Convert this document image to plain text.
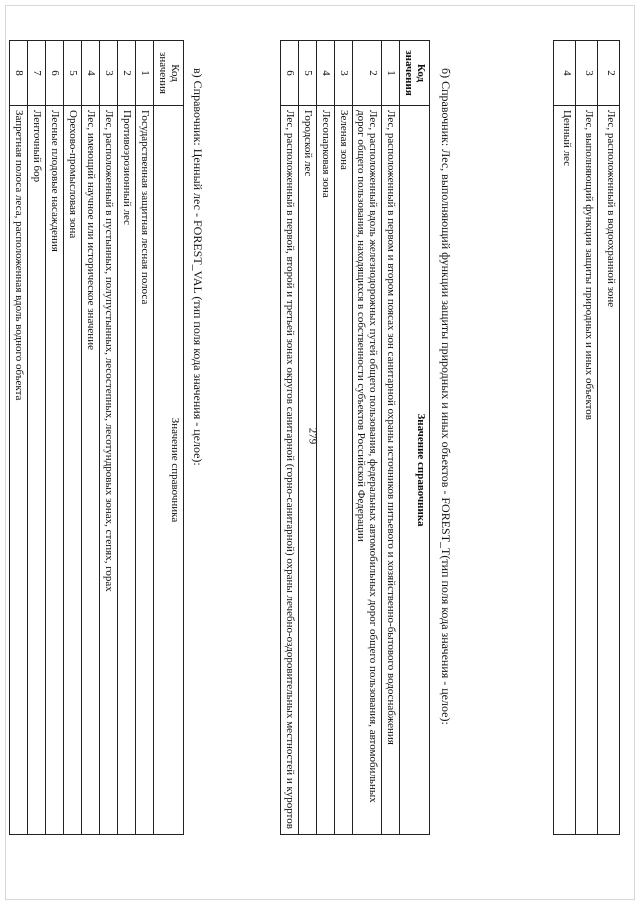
279
2	Лес, расположенный в водоохранной зоне
3	Лес, выполняющий функции защиты природных и иных объектов
4	Ценный лес
б) Справочник: Лес, выполняющий функции защиты природных и иных объектов - FOREST_T(тип поля кода значения - целое):
Код значения	Значение справочника
1	Лес, расположенный в первом и втором поясах зон санитарной охраны источников питьевого и хозяйственно-бытового водоснабжения
2	Лес, расположенный вдоль железнодорожных путей общего пользования, федеральных автомобильных дорог общего пользования, автомобильных дорог общего пользования, находящихся в собственности субъектов Российской Федерации
3	Зеленая зона
4	Лесопарковая зона
5	Городской лес
6	Лес, расположенный в первой, второй и третьей зонах округов санитарной (горно-санитарной) охраны лечебно-оздоровительных местностей и курортов
в) Справочник: Ценный лес - FOREST_VAL (тип поля кода значения - целое):
Код значения	Значение справочника
1	Государственная защитная лесная полоса
2	Противоэрозионный лес
3	Лес, расположенный в пустынных, полупустынных, лесостепных, лесотундровых зонах, степях, горах
4	Лес, имеющий научное или историческое значение
5	Орехово-промысловая зона
6	Лесные плодовые насаждения
7	Ленточный бор
8	Запретная полоса леса, расположенная вдоль водного объекта
